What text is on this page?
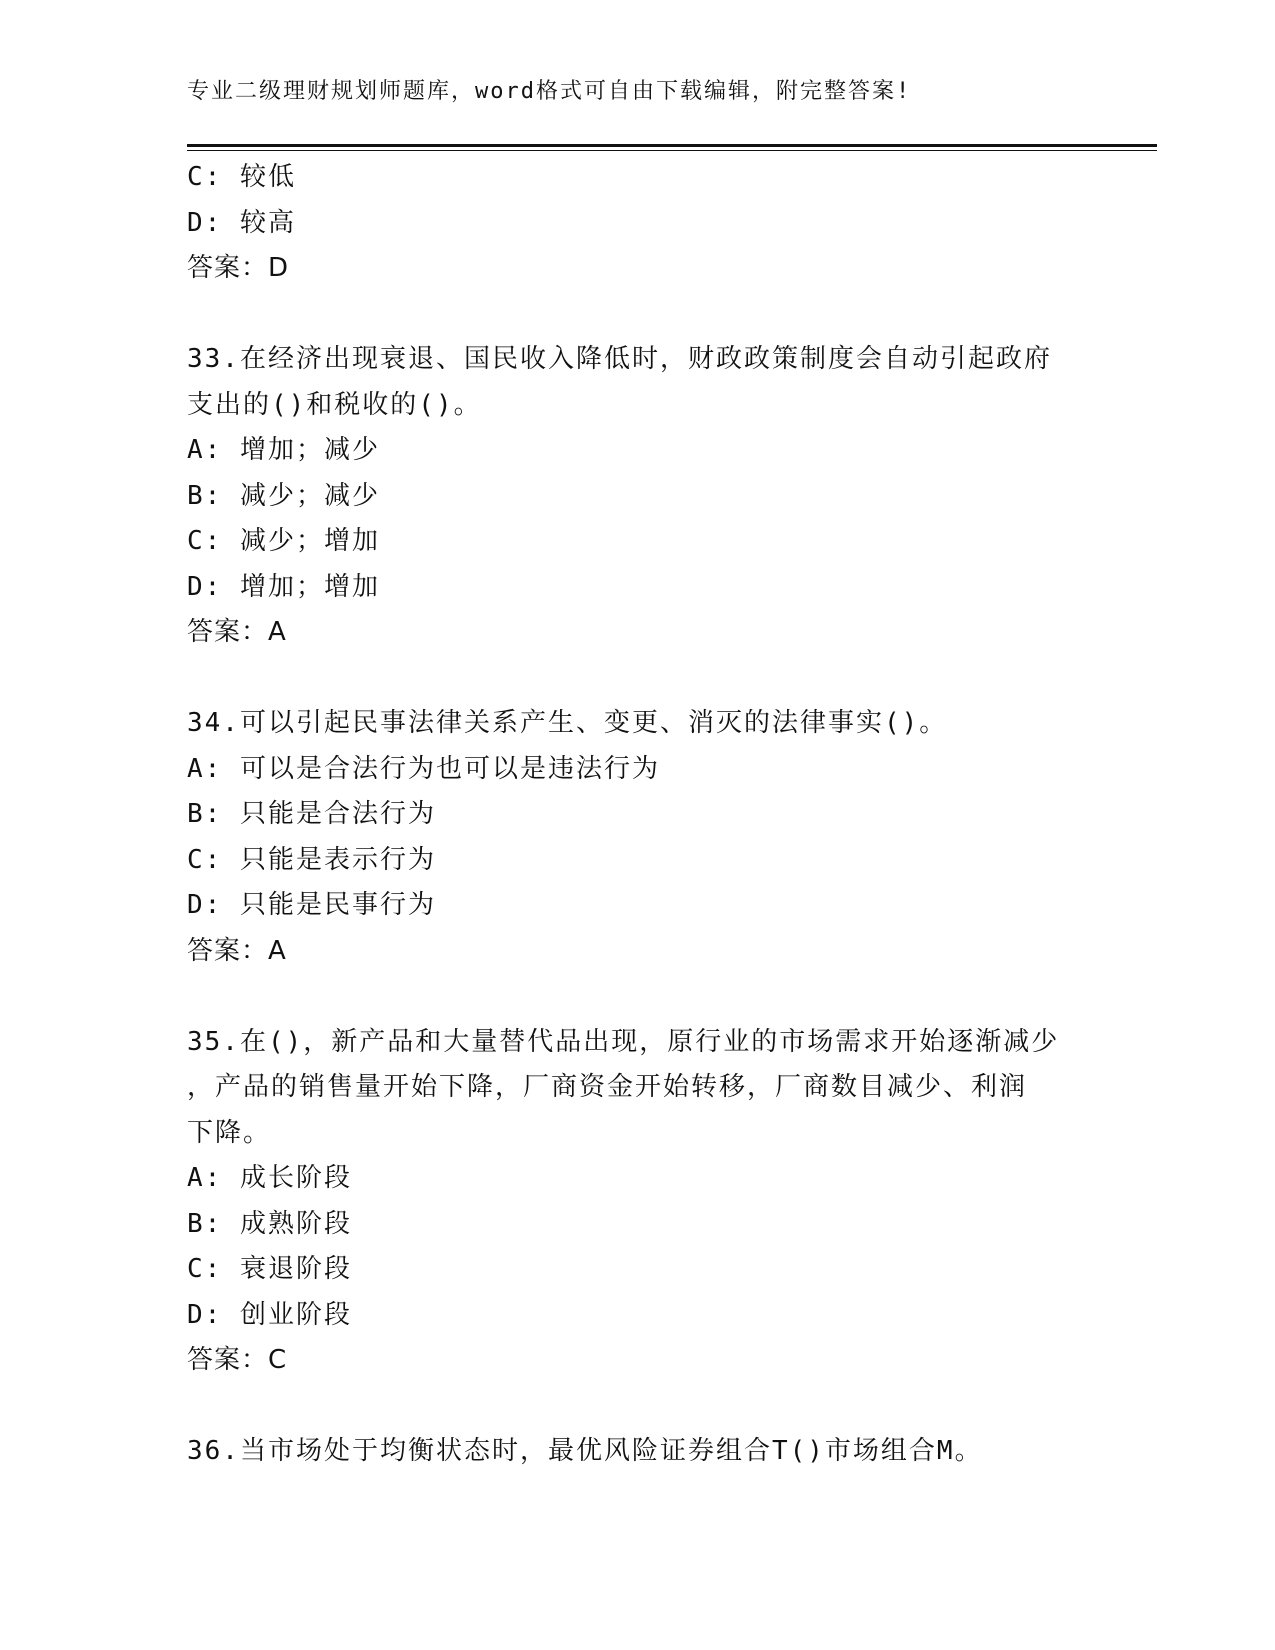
专业二级理财规划师题库，word格式可自由下载编辑，附完整答案!
C: 较低
D: 较高
答案：D
33.在经济出现衰退、国民收入降低时，财政政策制度会自动引起政府
支出的()和税收的()。
A: 增加；减少
B: 减少；减少
C: 减少；增加
D: 增加；增加
答案：A
34.可以引起民事法律关系产生、变更、消灭的法律事实()。
A: 可以是合法行为也可以是违法行为
B: 只能是合法行为
C: 只能是表示行为
D: 只能是民事行为
答案：A
35.在()，新产品和大量替代品出现，原行业的市场需求开始逐渐减少
，产品的销售量开始下降，厂商资金开始转移，厂商数目减少、利润
下降。
A: 成长阶段
B: 成熟阶段
C: 衰退阶段
D: 创业阶段
答案：C
36.当市场处于均衡状态时，最优风险证券组合T()市场组合M。
